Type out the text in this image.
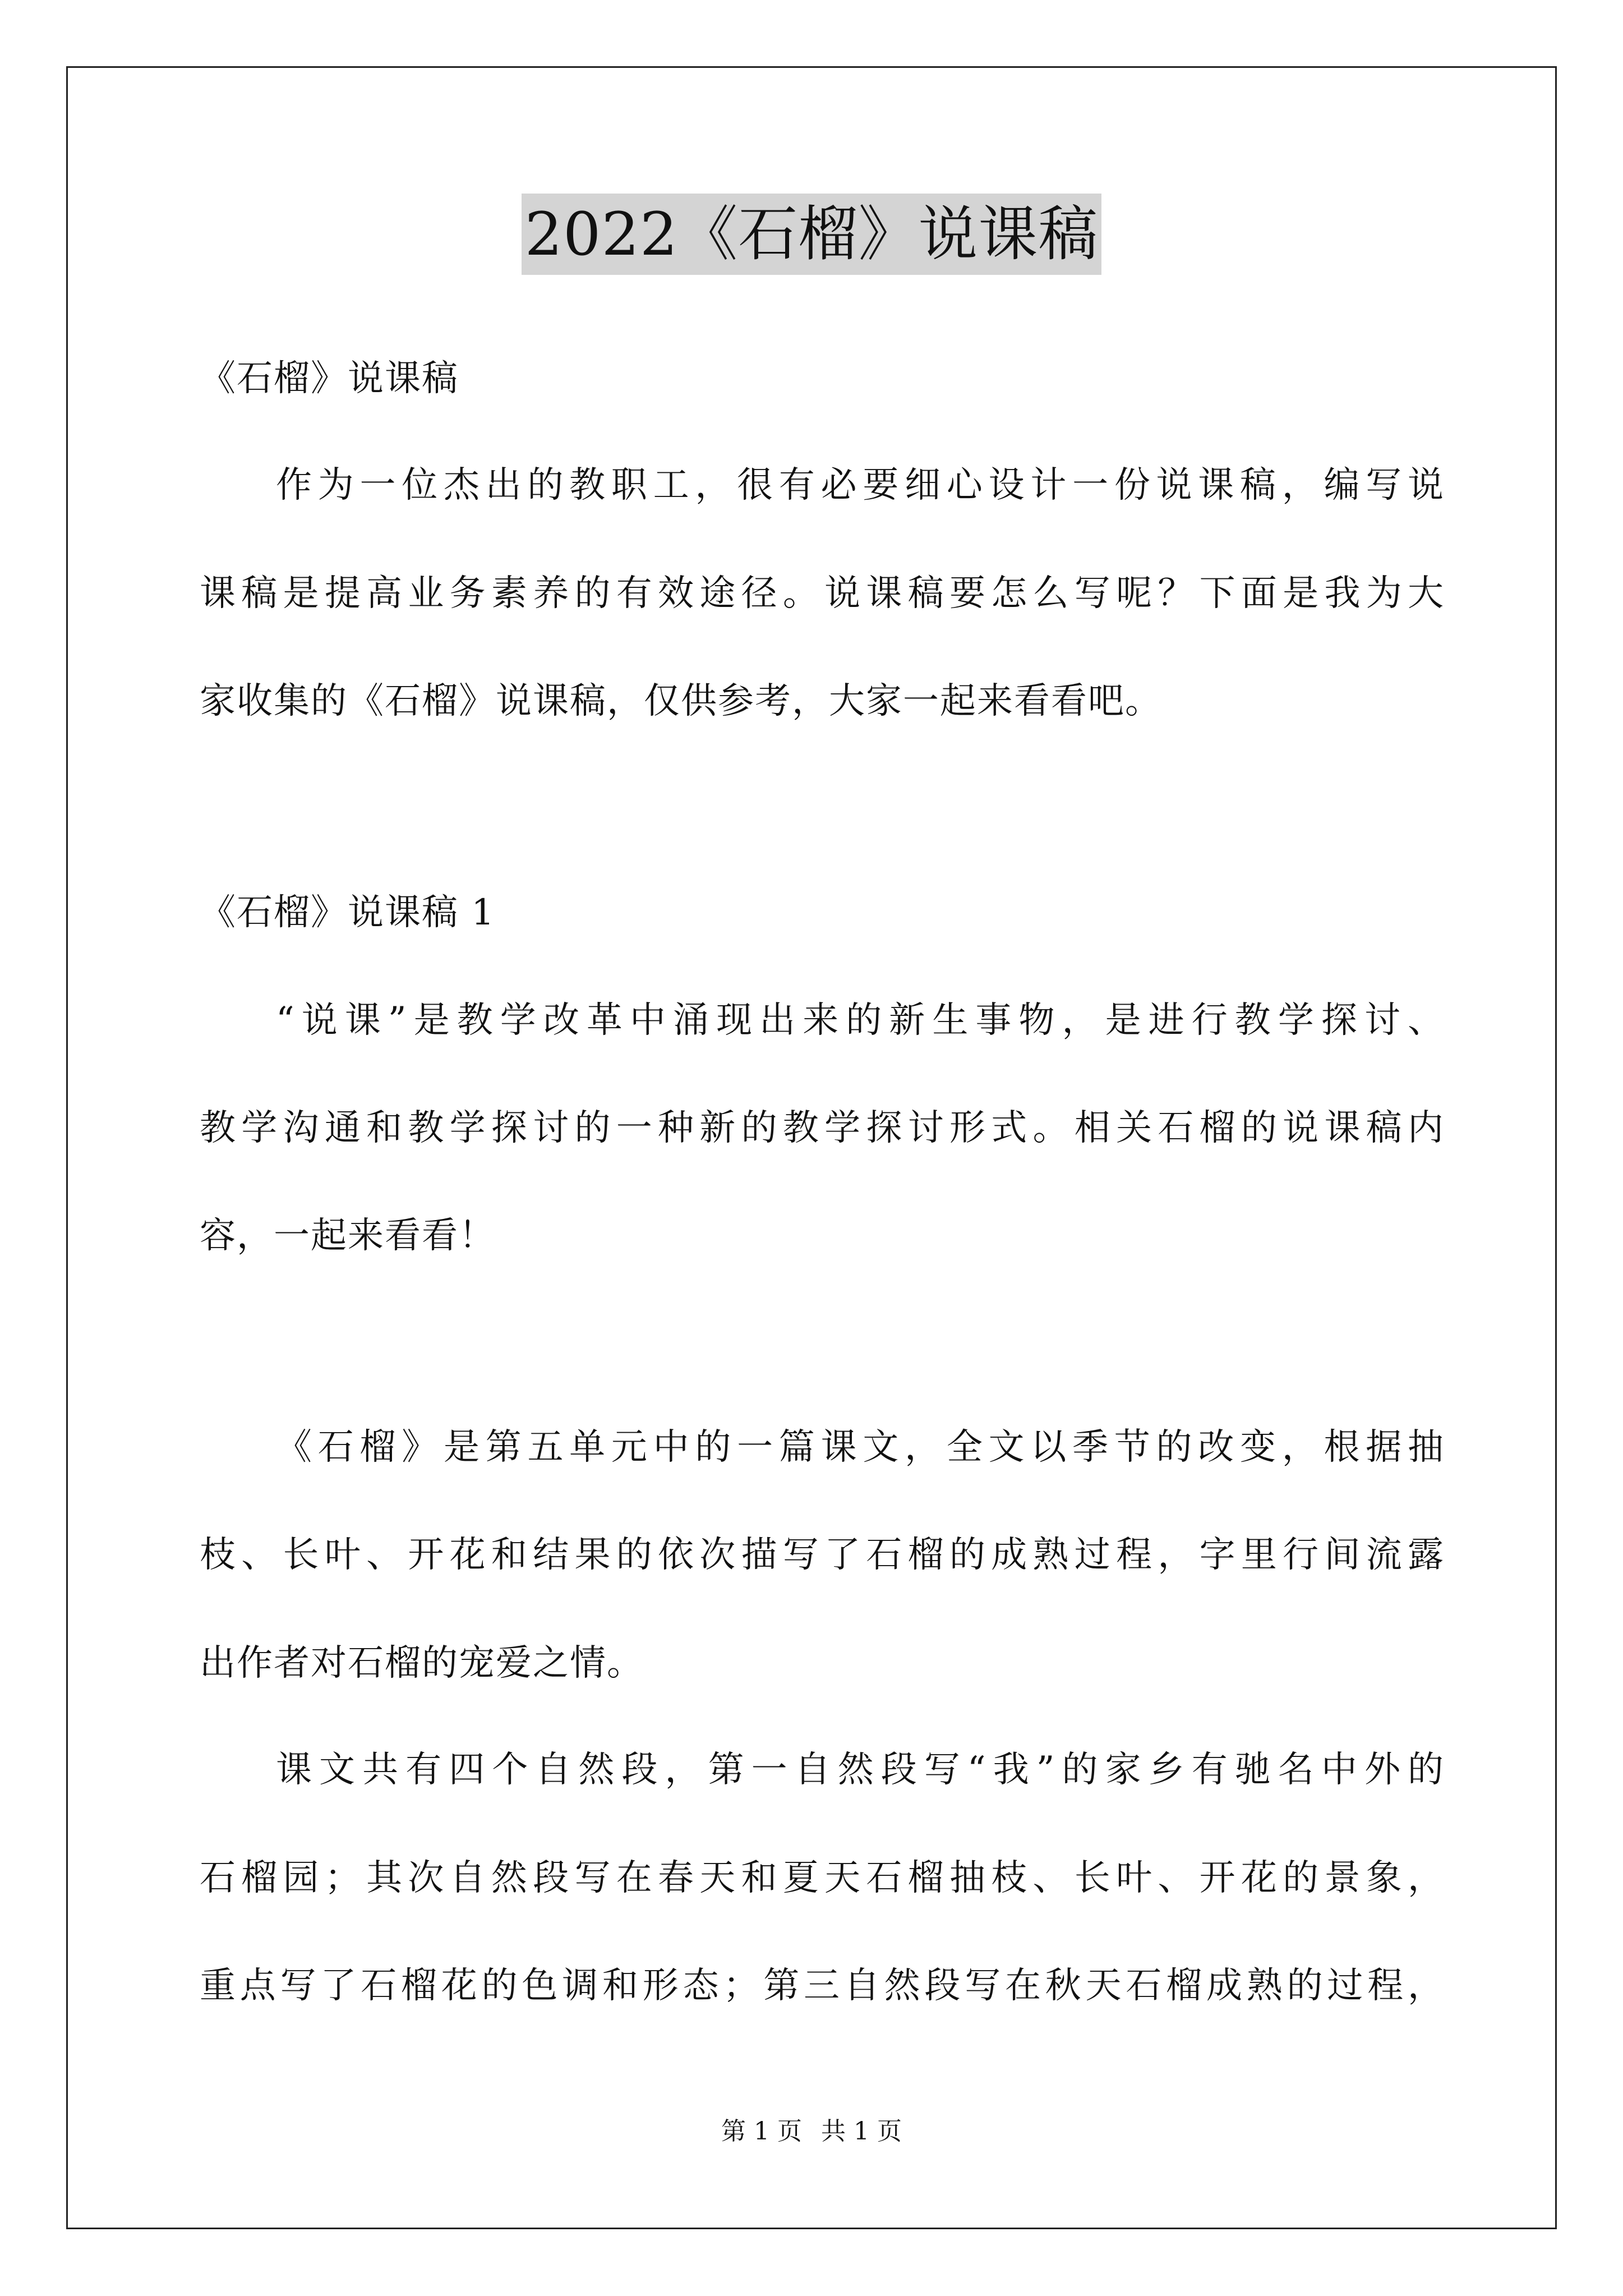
2022《石榴》说课稿
《石榴》说课稿
作为一位杰出的教职工，很有必要细心设计一份说课稿，编写说
课稿是提高业务素养的有效途径。说课稿要怎么写呢？下面是我为大
家收集的《石榴》说课稿，仅供参考，大家一起来看看吧。
《石榴》说课稿 1
“说课”是教学改革中涌现出来的新生事物，是进行教学探讨、
教学沟通和教学探讨的一种新的教学探讨形式。相关石榴的说课稿内
容，一起来看看！
《石榴》是第五单元中的一篇课文，全文以季节的改变，根据抽
枝、长叶、开花和结果的依次描写了石榴的成熟过程，字里行间流露
出作者对石榴的宠爱之情。
课文共有四个自然段，第一自然段写“我”的家乡有驰名中外的
石榴园；其次自然段写在春天和夏天石榴抽枝、长叶、开花的景象，
重点写了石榴花的色调和形态；第三自然段写在秋天石榴成熟的过程，
第 1 页 共 1 页
